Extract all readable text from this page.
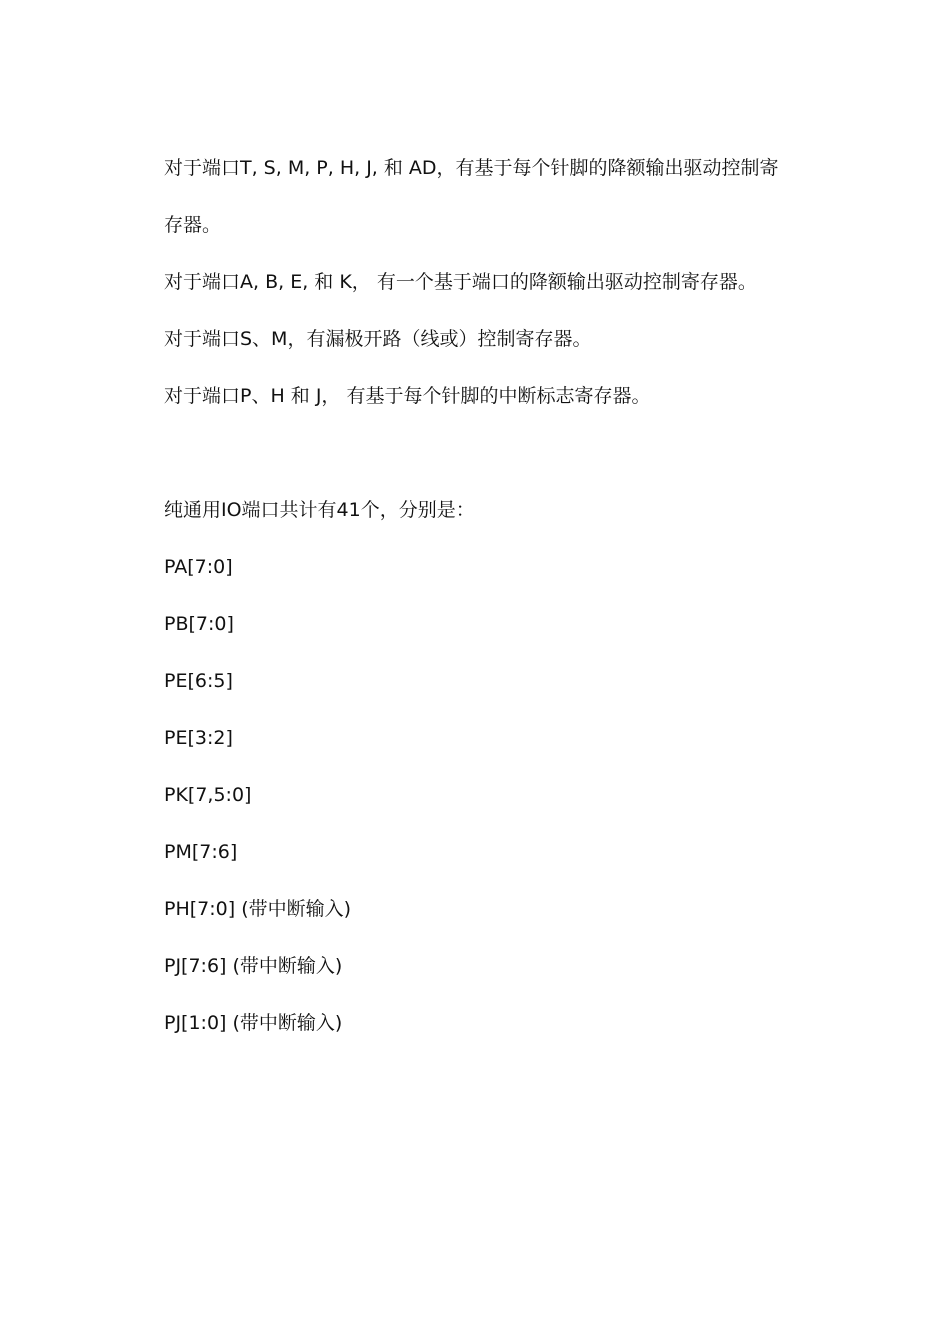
对于端口T, S, M, P, H, J, 和 AD，有基于每个针脚的降额输出驱动控制寄

存器。

对于端口A, B, E, 和 K， 有一个基于端口的降额输出驱动控制寄存器。

对于端口S、M，有漏极开路（线或）控制寄存器。

对于端口P、H 和 J， 有基于每个针脚的中断标志寄存器。

纯通用IO端口共计有41个，分别是：

PA[7:0]

PB[7:0]

PE[6:5]

PE[3:2]

PK[7,5:0]

PM[7:6]

PH[7:0] (带中断输入)

PJ[7:6] (带中断输入)

PJ[1:0] (带中断输入)
